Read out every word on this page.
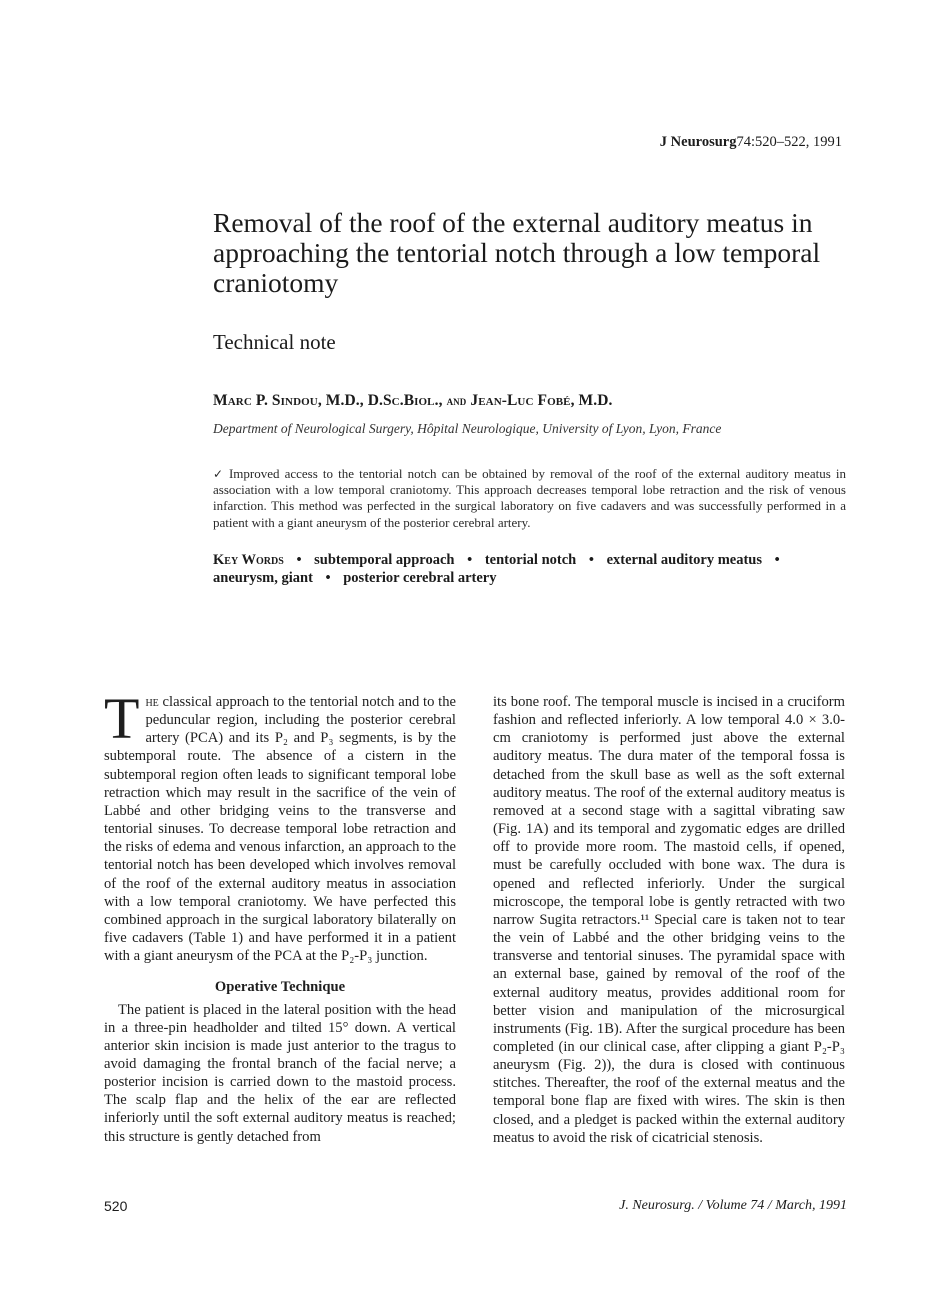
J Neurosurg74:520–522, 1991
Removal of the roof of the external auditory meatus in approaching the tentorial notch through a low temporal craniotomy
Technical note
Marc P. Sindou, M.D., D.Sc.Biol., and Jean-Luc Fobé, M.D.
Department of Neurological Surgery, Hôpital Neurologique, University of Lyon, Lyon, France
✓ Improved access to the tentorial notch can be obtained by removal of the roof of the external auditory meatus in association with a low temporal craniotomy. This approach decreases temporal lobe retraction and the risk of venous infarction. This method was perfected in the surgical laboratory on five cadavers and was successfully performed in a patient with a giant aneurysm of the posterior cerebral artery.
Key Words • subtemporal approach • tentorial notch • external auditory meatus •
aneurysm, giant • posterior cerebral artery

The classical approach to the tentorial notch and to the peduncular region, including the posterior cerebral artery (PCA) and its P₂ and P₃ segments, is by the subtemporal route. The absence of a cistern in the subtemporal region often leads to significant temporal lobe retraction which may result in the sacrifice of the vein of Labbé and other bridging veins to the transverse and tentorial sinuses. To decrease temporal lobe retraction and the risks of edema and venous infarction, an approach to the tentorial notch has been developed which involves removal of the roof of the external auditory meatus in association with a low temporal craniotomy. We have perfected this combined approach in the surgical laboratory bilaterally on five cadavers (Table 1) and have performed it in a patient with a giant aneurysm of the PCA at the P₂-P₃ junction.

Operative Technique

The patient is placed in the lateral position with the head in a three-pin headholder and tilted 15° down. A vertical anterior skin incision is made just anterior to the tragus to avoid damaging the frontal branch of the facial nerve; a posterior incision is carried down to the mastoid process. The scalp flap and the helix of the ear are reflected inferiorly until the soft external auditory meatus is reached; this structure is gently detached from

its bone roof. The temporal muscle is incised in a cruciform fashion and reflected inferiorly. A low temporal 4.0 × 3.0-cm craniotomy is performed just above the external auditory meatus. The dura mater of the temporal fossa is detached from the skull base as well as the soft external auditory meatus. The roof of the external auditory meatus is removed at a second stage with a sagittal vibrating saw (Fig. 1A) and its temporal and zygomatic edges are drilled off to provide more room. The mastoid cells, if opened, must be carefully occluded with bone wax. The dura is opened and reflected inferiorly. Under the surgical microscope, the temporal lobe is gently retracted with two narrow Sugita retractors.¹¹ Special care is taken not to tear the vein of Labbé and the other bridging veins to the transverse and tentorial sinuses. The pyramidal space with an external base, gained by removal of the roof of the external auditory meatus, provides additional room for better vision and manipulation of the microsurgical instruments (Fig. 1B). After the surgical procedure has been completed (in our clinical case, after clipping a giant P₂-P₃ aneurysm (Fig. 2)), the dura is closed with continuous stitches. Thereafter, the roof of the external meatus and the temporal bone flap are fixed with wires. The skin is then closed, and a pledget is packed within the external auditory meatus to avoid the risk of cicatricial stenosis.

520	J. Neurosurg. / Volume 74 / March, 1991
